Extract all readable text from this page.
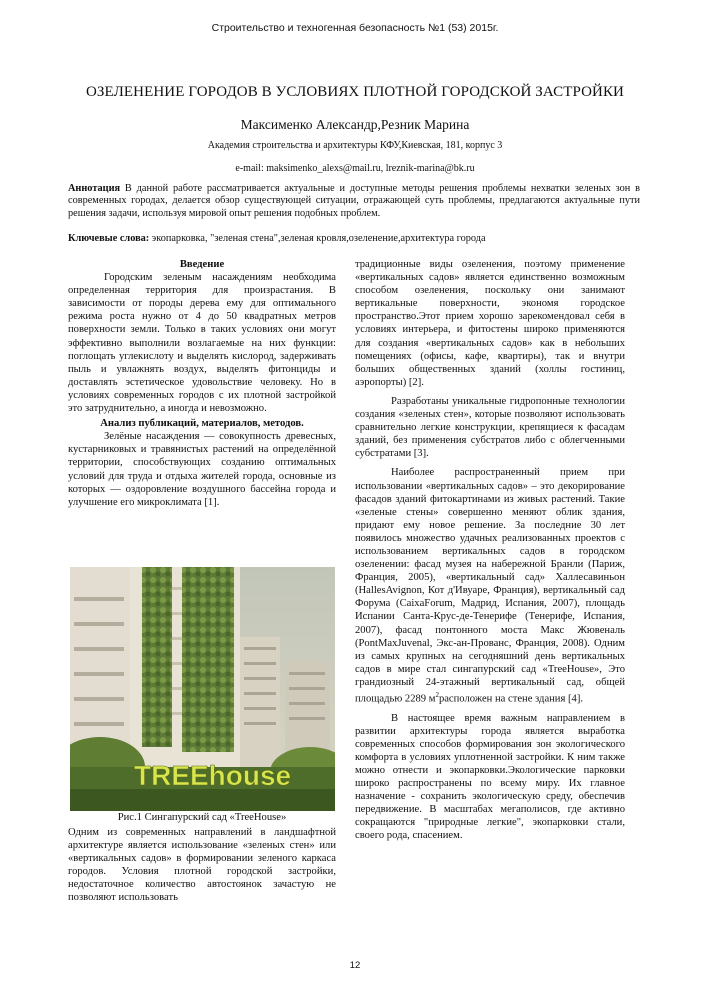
Строительство и техногенная безопасность №1 (53) 2015г.
ОЗЕЛЕНЕНИЕ ГОРОДОВ В УСЛОВИЯХ ПЛОТНОЙ ГОРОДСКОЙ ЗАСТРОЙКИ
Максименко Александр,Резник Марина
Академия строительства и архитектуры КФУ,Киевская, 181, корпус 3
e-mail: maksimenko_alexs@mail.ru, lreznik-marina@bk.ru
Аннотация В данной работе рассматривается актуальные и доступные методы решения проблемы нехватки зеленых зон в современных городах, делается обзор существующей ситуации, отражающей суть проблемы, предлагаются актуальные пути решения задачи, используя мировой опыт решения подобных проблем.
Ключевые слова: экопарковка, "зеленая стена",зеленая кровля,озеленение,архитектура города

Введение

Городским зеленым насаждениям необходима определенная территория для произрастания. В зависимости от породы дерева ему для оптимального режима роста нужно от 4 до 50 квадратных метров поверхности земли. Только в таких условиях они могут эффективно выполнили возлагаемые на них функции: поглощать углекислоту и выделять кислород, задерживать пыль и увлажнять воздух, выделять фитонциды и доставлять эстетическое удовольствие человеку. Но в условиях современных городов с их плотной застройкой это затруднительно, а иногда и невозможно.

Анализ публикаций, материалов, методов.

Зелёные насаждения — совокупность древесных, кустарниковых и травянистых растений на определённой территории, способствующих созданию оптимальных условий для труда и отдыха жителей города, основные из которых — оздоровление воздушного бассейна города и улучшение его микроклимата [1].

TREEhouse
Рис.1 Сингапурский сад «TreeHouse»

Одним из современных направлений в ландшафтной архитектуре является использование «зеленых стен» или «вертикальных садов» в формировании зеленого каркаса городов. Условия плотной городской застройки, недостаточное количество автостоянок зачастую не позволяют использовать

традиционные виды озеленения, поэтому применение «вертикальных садов» является единственно возможным способом озеленения, поскольку они занимают вертикальные поверхности, экономя городское пространство.Этот прием хорошо зарекомендовал себя в условиях интерьера, и фитостены широко применяются для создания «вертикальных садов» как в небольших помещениях (офисы, кафе, квартиры), так и внутри больших общественных зданий (холлы гостиниц, аэропорты) [2].

Разработаны уникальные гидропонные технологии создания «зеленых стен», которые позволяют использовать сравнительно легкие конструкции, крепящиеся к фасадам зданий, без применения субстратов либо с облегченными субстратами [3].

Наиболее распространенный прием при использовании «вертикальных садов» – это декорирование фасадов зданий фитокартинами из живых растений. Такие «зеленые стены» совершенно меняют облик здания, придают ему новое решение. За последние 30 лет появилось множество удачных реализованных проектов с использованием вертикальных садов в городском озеленении: фасад музея на набережной Бранли (Париж, Франция, 2005), «вертикальный сад» Халлесавиньон (HallesAvignon, Кот д'Ивуаре, Франция), вертикальный сад Форума (CaixaForum, Мадрид, Испания, 2007), площадь Испании Санта-Крус-де-Тенерифе (Тенерифе, Испания, 2007), фасад понтонного моста Макс Жювеналь (PontMaxJuvenal, Экс-ан-Прованс, Франция, 2008). Одним из самых крупных на сегодняшний день вертикальных садов в мире стал сингапурский сад «TreeHouse», Это грандиозный 24-этажный вертикальный сад, общей площадью 2289 $м^2расположен$ на стене здания [4].

В настоящее время важным направлением в развитии архитектуры города является выработка современных способов формирования зон экологического комфорта в условиях уплотненной застройки. К ним также можно отнести и экопарковки.Экологические парковки широко распространены по всему миру. Их главное назначение - сохранить экологическую среду, обеспечив передвижение. В масштабах мегаполисов, где активно сокращаются "природные легкие", экопарковки стали, своего рода, спасением.

12
